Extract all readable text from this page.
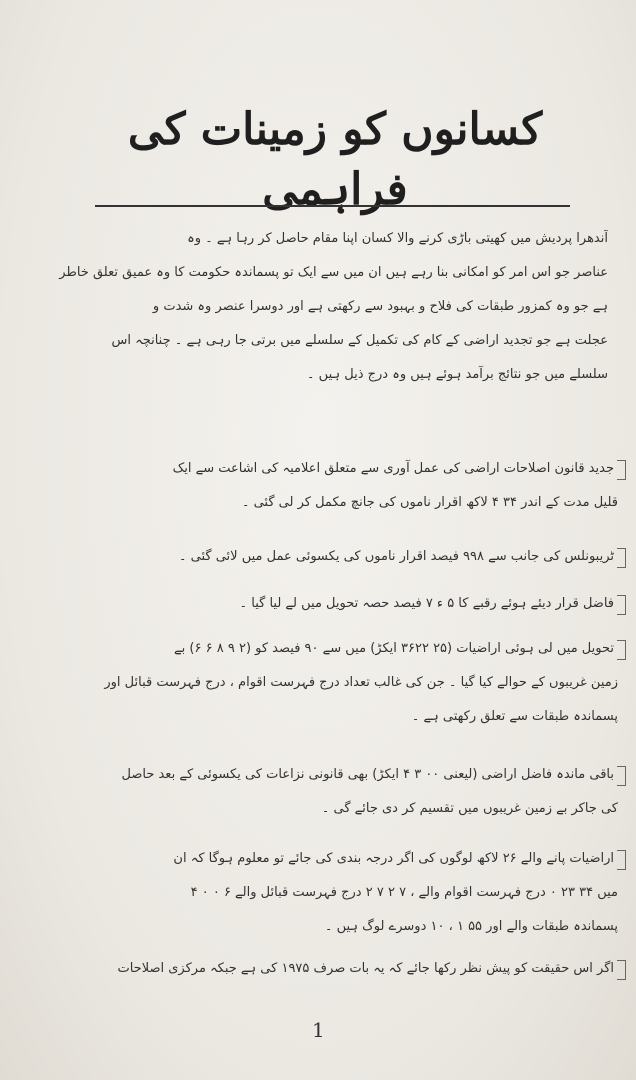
کسانوں کو زمینات کی فراہمی
آندھرا پردیش میں کھیتی باڑی کرنے والا کسان اپنا مقام حاصل کر رہا ہے ۔ وہ
عناصر جو اس امر کو امکانی بنا رہے ہیں ان میں سے ایک تو پسماندہ حکومت کا وہ عمیق تعلق خاطر
ہے جو وہ کمزور طبقات کی فلاح و بہبود سے رکھتی ہے اور دوسرا عنصر وہ شدت و
عجلت ہے جو تجدید اراضی کے کام کی تکمیل کے سلسلے میں برتی جا رہی ہے ۔ چنانچہ اس
سلسلے میں جو نتائج برآمد ہوئے ہیں وہ درج ذیل ہیں ۔
جدید قانون اصلاحات اراضی کی عمل آوری سے متعلق اعلامیہ کی اشاعت سے ایک
قلیل مدت کے اندر ۳۴ ۴ لاکھ اقرار ناموں کی جانچ مکمل کر لی گئی ۔
ٹریبونلس کی جانب سے ۹۹۸ فیصد اقرار ناموں کی یکسوئی عمل میں لائی گئی ۔
فاضل قرار دیئے ہوئے رقبے کا ۵ ء ۷ فیصد حصہ تحویل میں لے لیا گیا ۔
تحویل میں لی ہوئی اراضیات (۲۵ ۳۶۲۲ ایکڑ) میں سے ۹۰ فیصد کو (۲ ۹ ۸ ۶ ۶) بے
زمین غریبوں کے حوالے کیا گیا ۔ جن کی غالب تعداد درج فہرست اقوام ، درج فہرست قبائل اور
پسماندہ طبقات سے تعلق رکھتی ہے ۔
باقی ماندہ فاضل اراضی (لیعنی ۰۰ ۳ ۴ ایکڑ) بھی قانونی نزاعات کی یکسوئی کے بعد حاصل
کی جاکر بے زمین غریبوں میں تقسیم کر دی جائے گی ۔
اراضیات پانے والے ۲۶ لاکھ لوگوں کی اگر درجہ بندی کی جائے تو معلوم ہوگا کہ ان
میں ۳۴ ۲۳ ۰ درج فہرست اقوام والے ، ۷ ۲ ۷ ۲ درج فہرست قبائل والے ۶ ۰ ۰ ۴
پسماندہ طبقات والے اور ۵۵ ۱ ، ۱۰ دوسرے لوگ ہیں ۔
اگر اس حقیقت کو پیش نظر رکھا جائے کہ یہ بات صرف ۱۹۷۵ کی ہے جبکہ مرکزی اصلاحات
1
